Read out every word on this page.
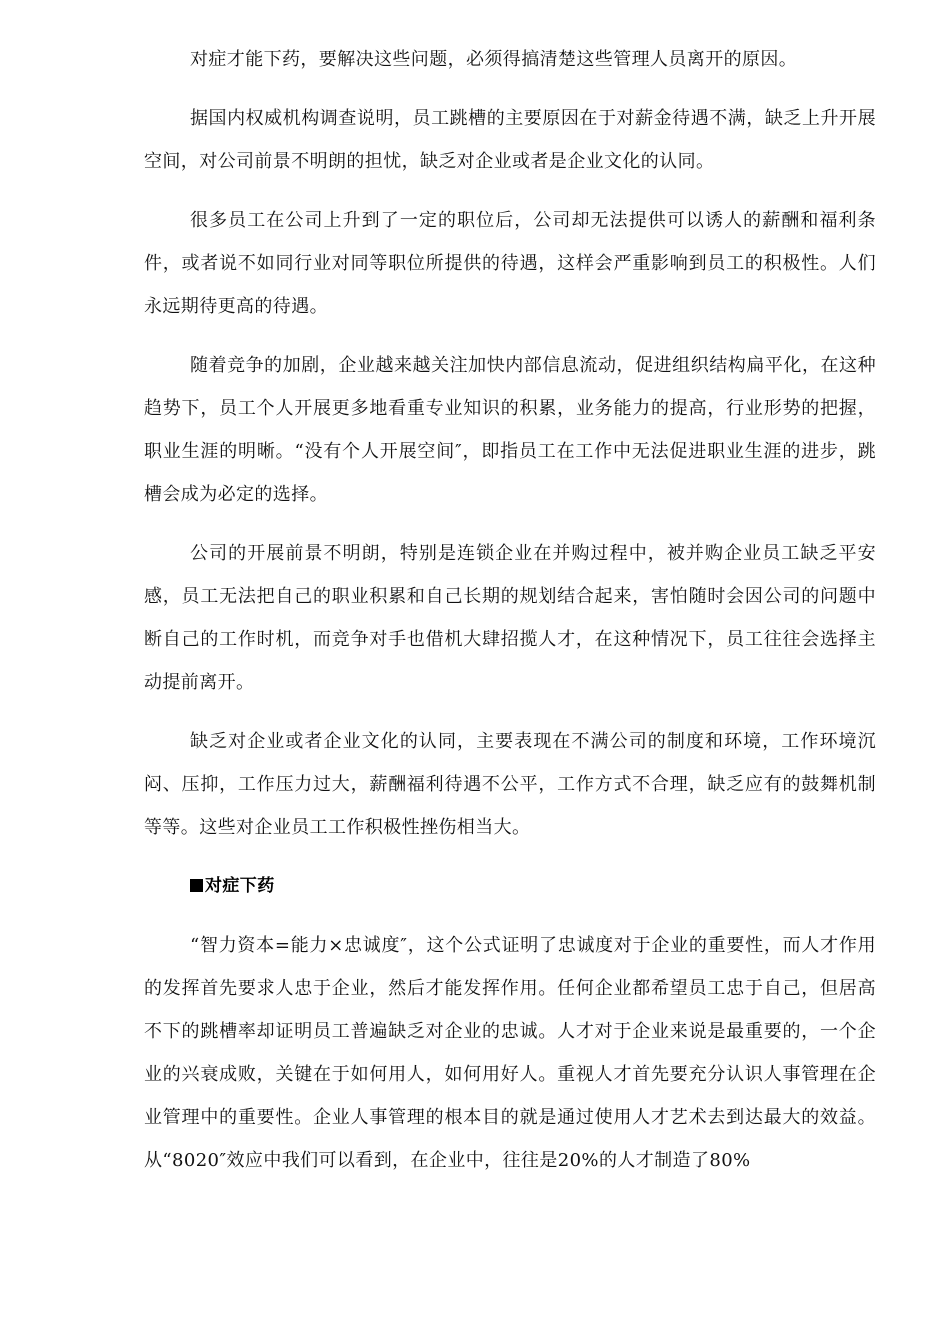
对症才能下药，要解决这些问题，必须得搞清楚这些管理人员离开的原因。

据国内权威机构调查说明，员工跳槽的主要原因在于对薪金待遇不满，缺乏上升开展空间，对公司前景不明朗的担忧，缺乏对企业或者是企业文化的认同。

很多员工在公司上升到了一定的职位后，公司却无法提供可以诱人的薪酬和福利条件，或者说不如同行业对同等职位所提供的待遇，这样会严重影响到员工的积极性。人们永远期待更高的待遇。

随着竞争的加剧，企业越来越关注加快内部信息流动，促进组织结构扁平化，在这种趋势下，员工个人开展更多地看重专业知识的积累，业务能力的提高，行业形势的把握，职业生涯的明晰。“没有个人开展空间″，即指员工在工作中无法促进职业生涯的进步，跳槽会成为必定的选择。

公司的开展前景不明朗，特别是连锁企业在并购过程中，被并购企业员工缺乏平安感，员工无法把自己的职业积累和自己长期的规划结合起来，害怕随时会因公司的问题中断自己的工作时机，而竞争对手也借机大肆招揽人才，在这种情况下，员工往往会选择主动提前离开。

缺乏对企业或者企业文化的认同，主要表现在不满公司的制度和环境，工作环境沉闷、压抑，工作压力过大，薪酬福利待遇不公平，工作方式不合理，缺乏应有的鼓舞机制等等。这些对企业员工工作积极性挫伤相当大。

对症下药

“智力资本=能力×忠诚度″，这个公式证明了忠诚度对于企业的重要性，而人才作用的发挥首先要求人忠于企业，然后才能发挥作用。任何企业都希望员工忠于自己，但居高不下的跳槽率却证明员工普遍缺乏对企业的忠诚。人才对于企业来说是最重要的，一个企业的兴衰成败，关键在于如何用人，如何用好人。重视人才首先要充分认识人事管理在企业管理中的重要性。企业人事管理的根本目的就是通过使用人才艺术去到达最大的效益。从“8020″效应中我们可以看到，在企业中，往往是20%的人才制造了80%
